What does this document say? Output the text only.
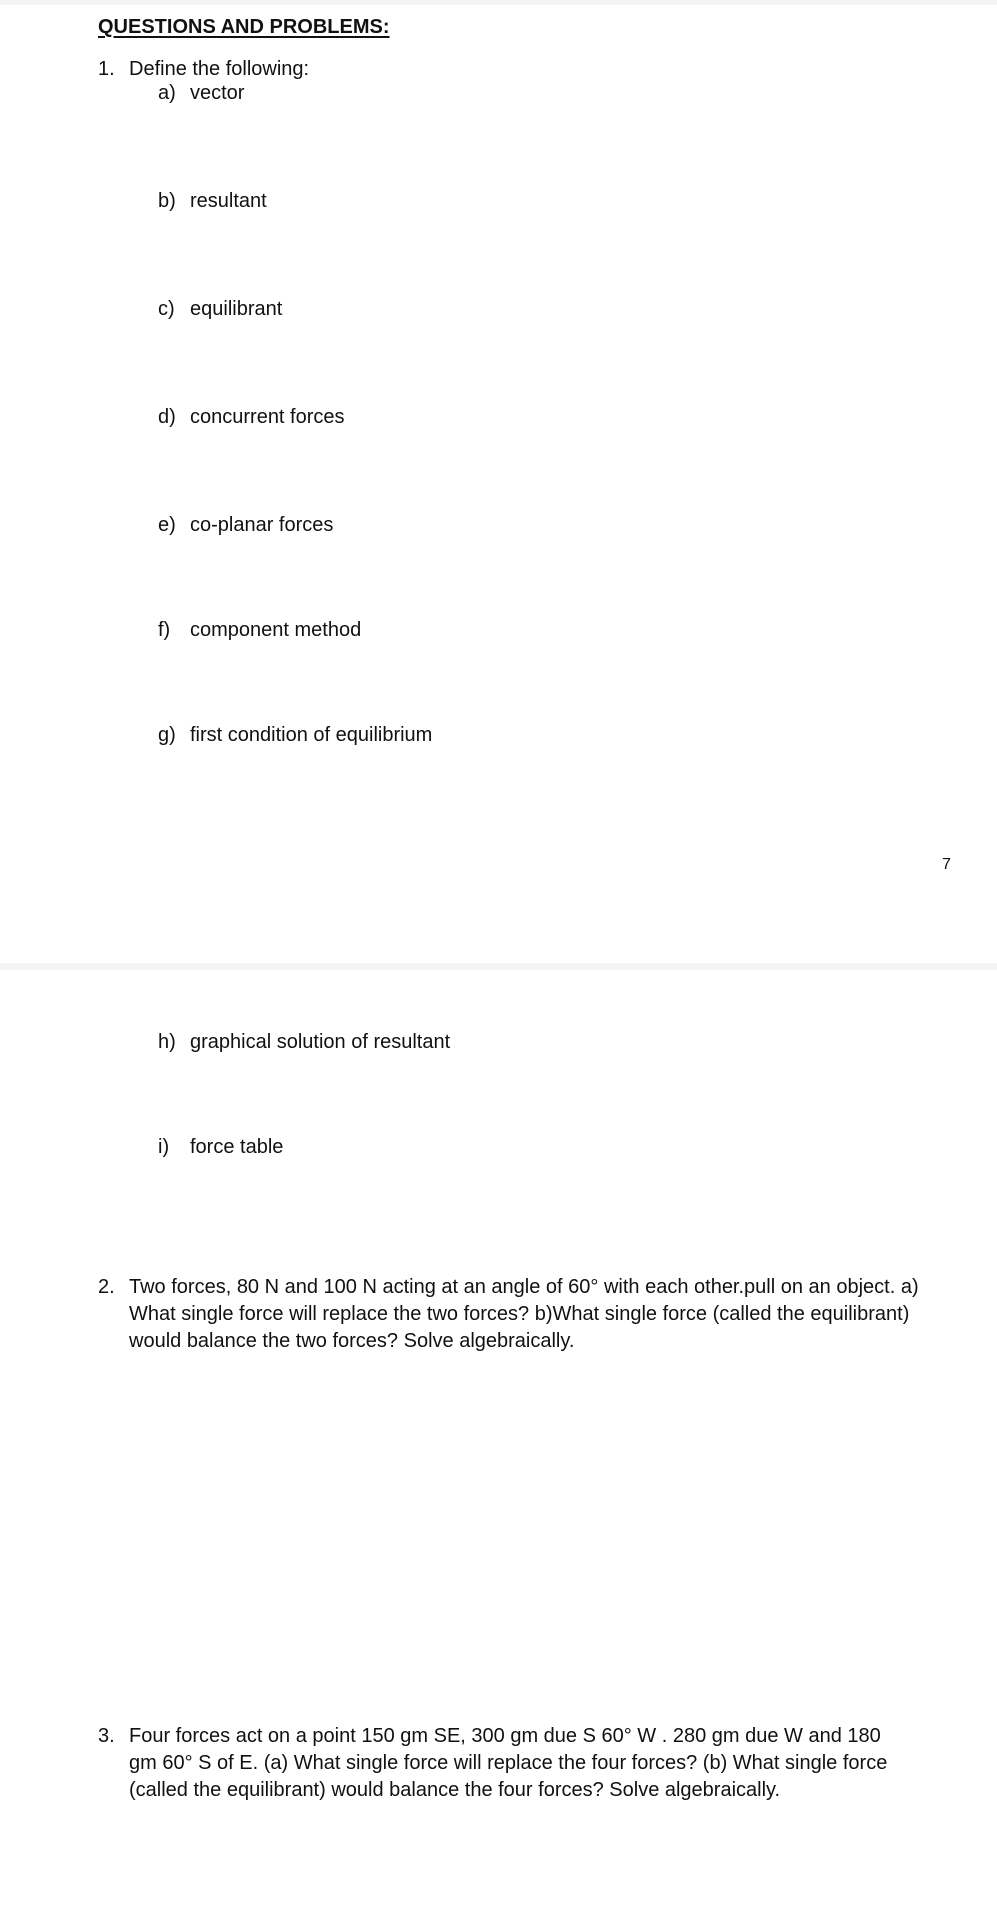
QUESTIONS AND PROBLEMS:
1. Define the following:
a) vector
b) resultant
c) equilibrant
d) concurrent forces
e) co-planar forces
f) component method
g) first condition of equilibrium
7
h) graphical solution of resultant
i) force table
2. Two forces, 80 N and 100 N acting at an angle of 60° with each other.pull on an object. a)
What single force will replace the two forces? b)What single force (called the equilibrant)
would balance the two forces? Solve algebraically.
3. Four forces act on a point 150 gm SE, 300 gm due S 60° W . 280 gm due W and 180
gm 60° S of E. (a) What single force will replace the four forces? (b) What single force
(called the equilibrant) would balance the four forces? Solve algebraically.
